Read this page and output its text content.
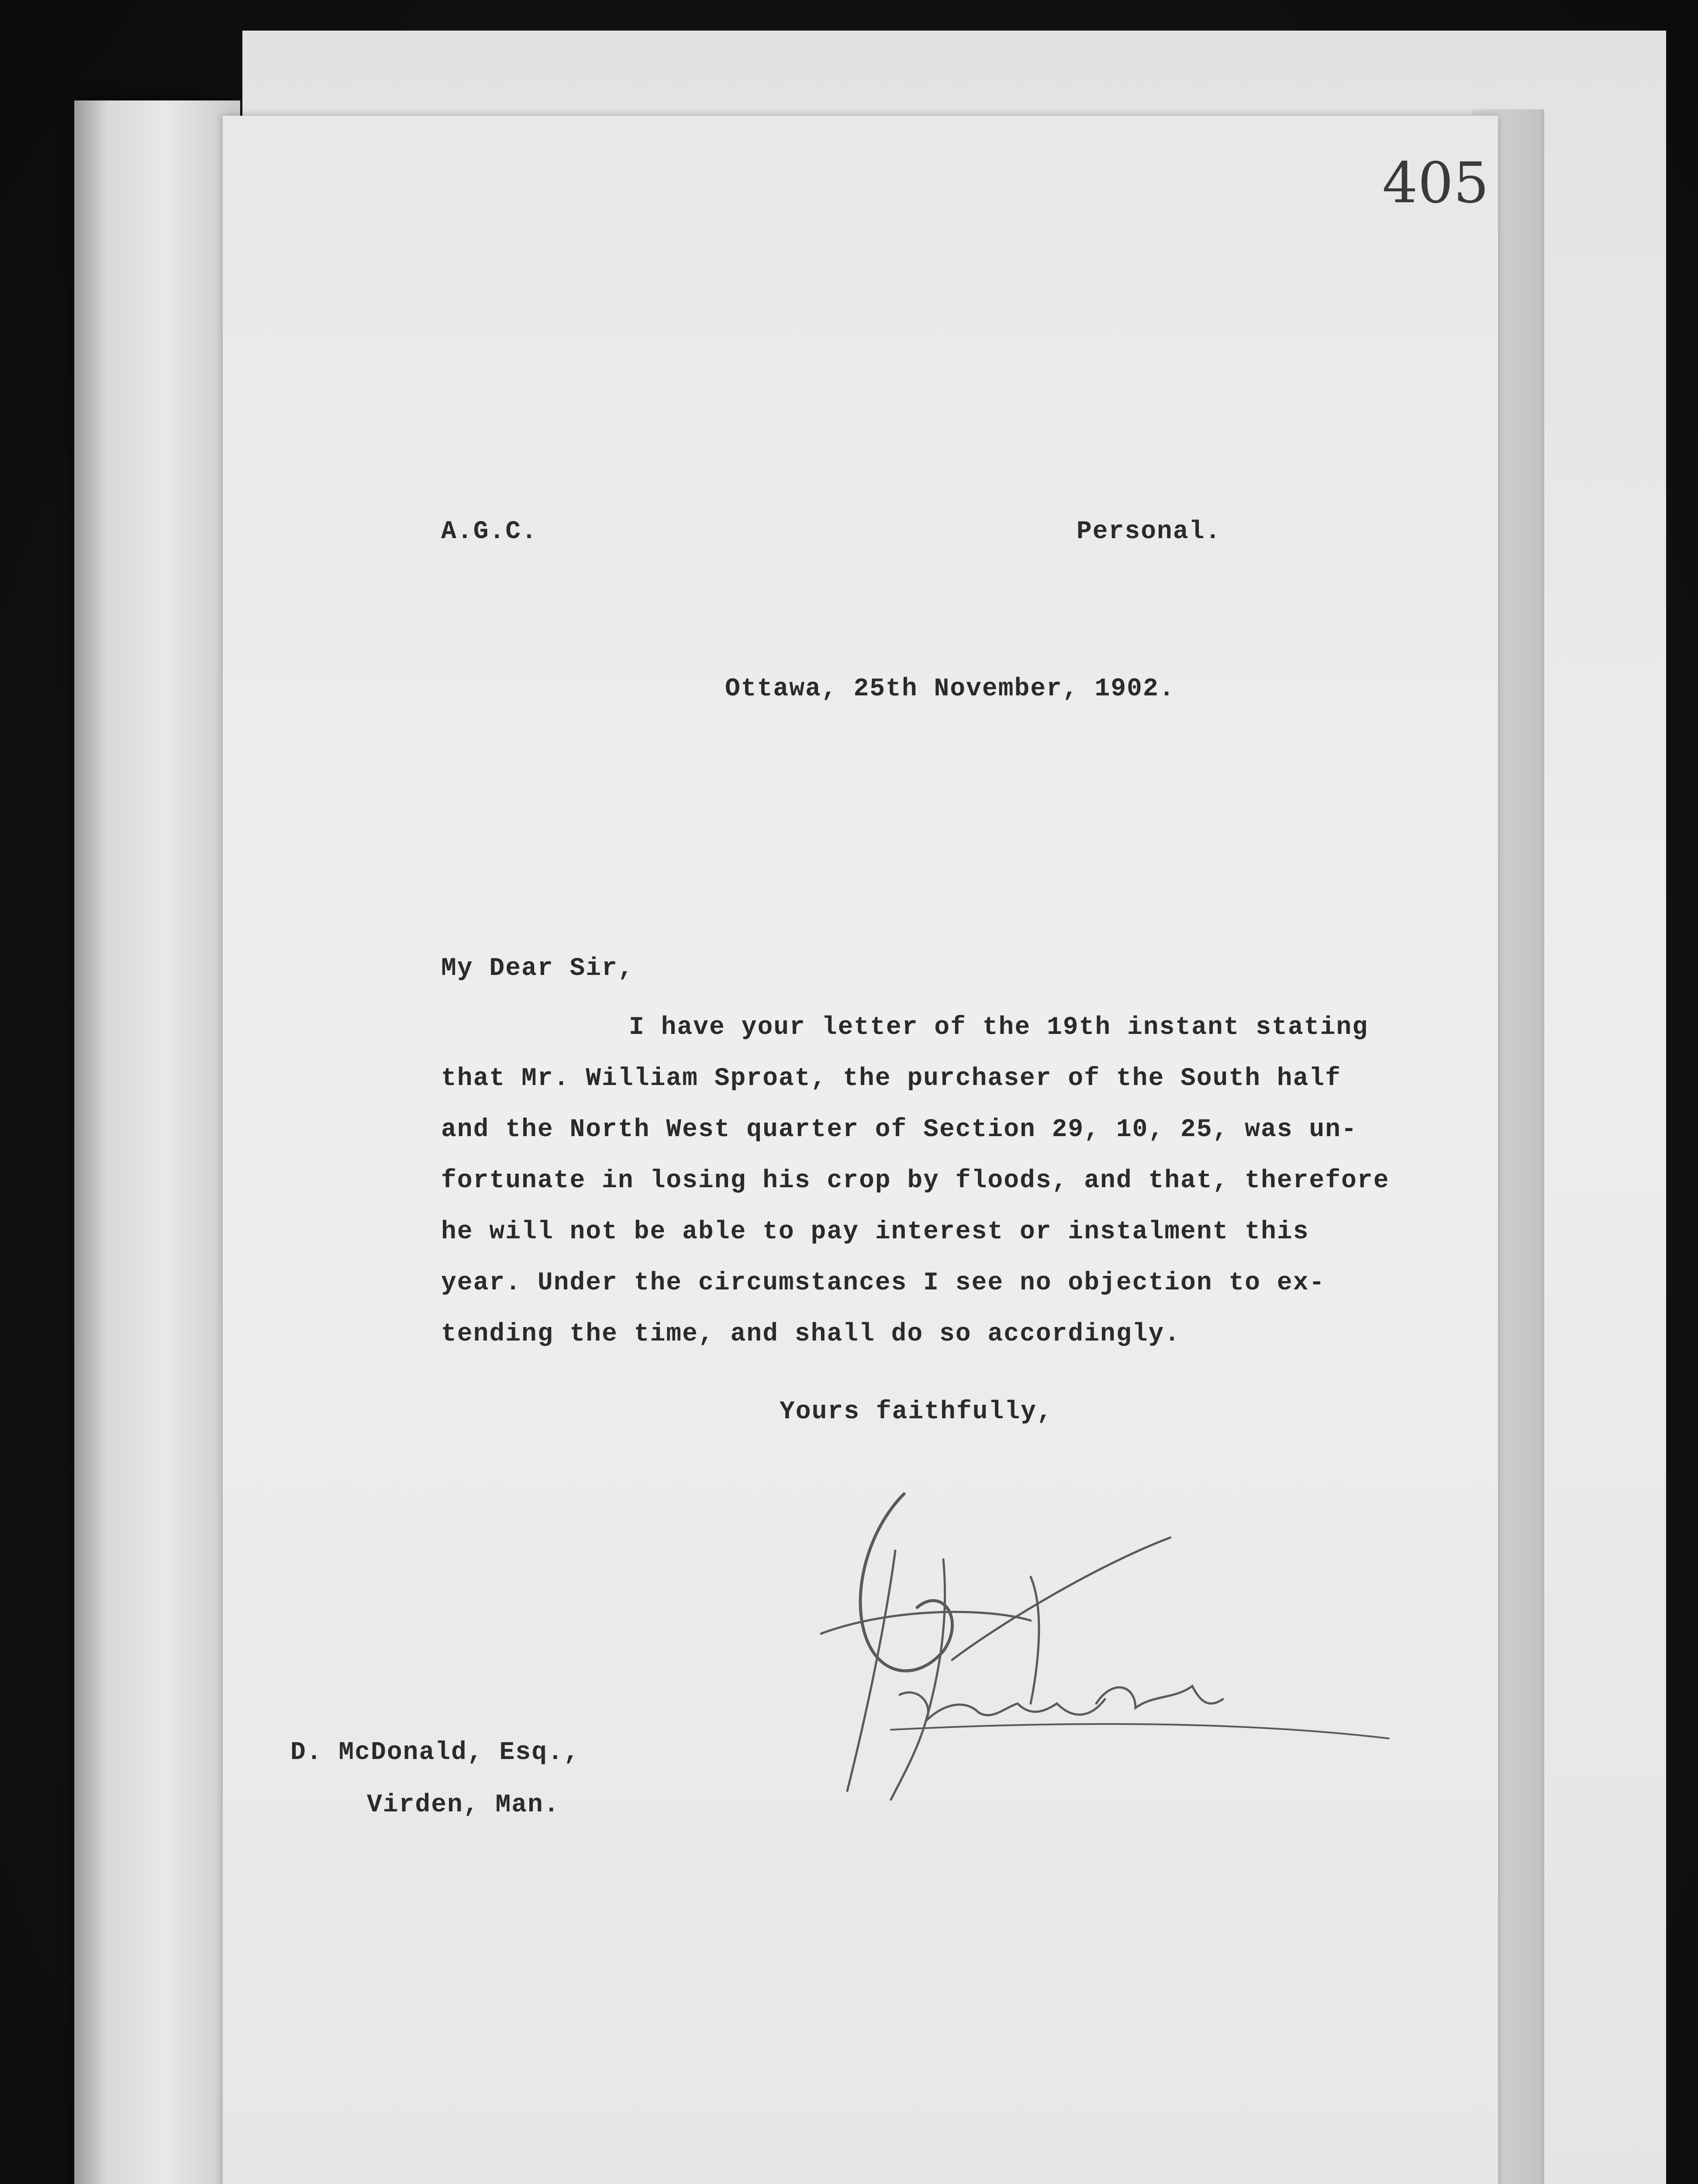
405
A.G.C.	Personal.
Ottawa, 25th November, 1902.
My Dear Sir,
I have your letter of the 19th instant stating
that Mr. William Sproat, the purchaser of the South half
and the North West quarter of Section 29, 10, 25, was un-
fortunate in losing his crop by floods, and that, therefore
he will not be able to pay interest or instalment this
year. Under the circumstances I see no objection to ex-
tending the time, and shall do so accordingly.
Yours faithfully,
D. McDonald, Esq.,
Virden, Man.
